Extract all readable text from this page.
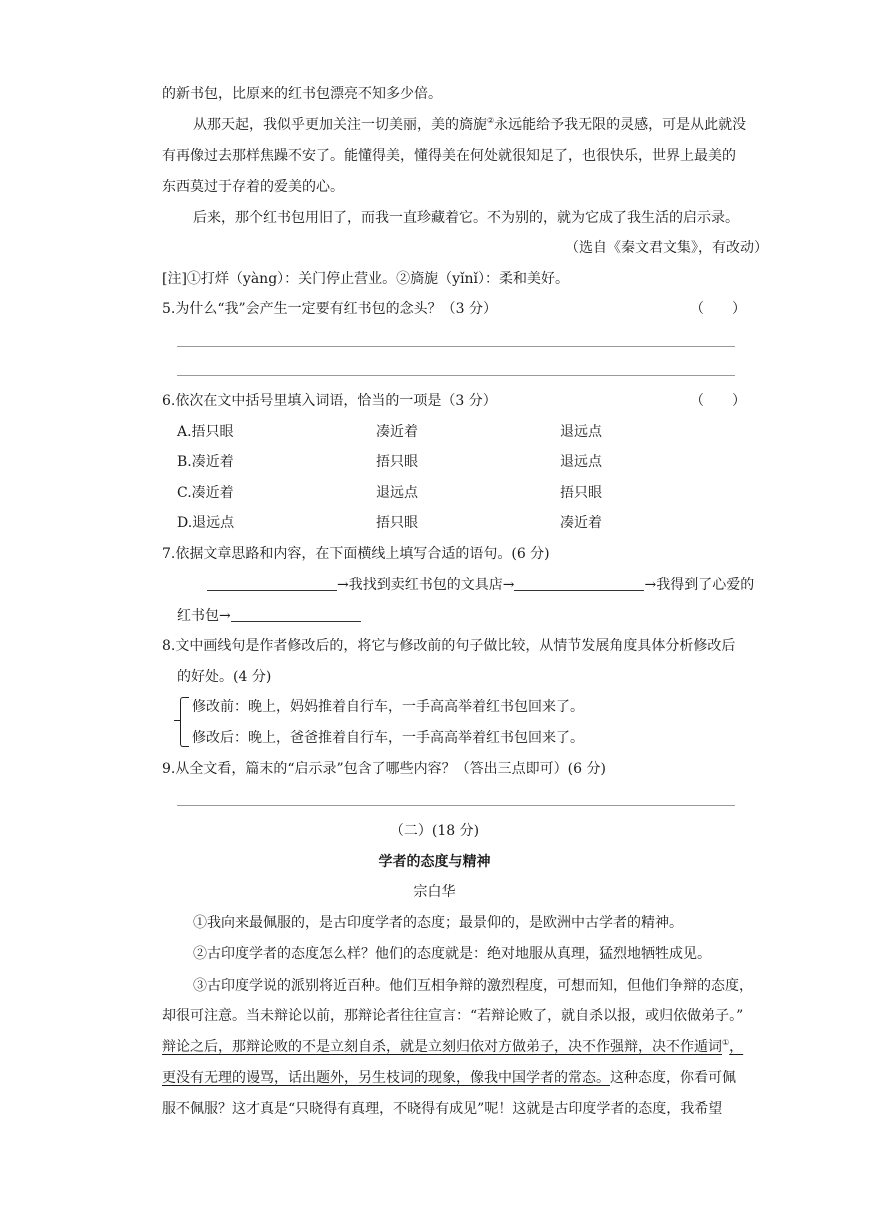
的新书包，比原来的红书包漂亮不知多少倍。
从那天起，我似乎更加关注一切美丽，美的旖旎②永远能给予我无限的灵感，可是从此就没
有再像过去那样焦躁不安了。能懂得美，懂得美在何处就很知足了，也很快乐，世界上最美的
东西莫过于存着的爱美的心。
后来，那个红书包用旧了，而我一直珍藏着它。不为别的，就为它成了我生活的启示录。
（选自《秦文君文集》，有改动）
[注]①打烊（yàng）：关门停止营业。②旖旎（yǐnǐ）：柔和美好。
5.为什么“我”会产生一定要有红书包的念头？（3 分）	（　　）
6.依次在文中括号里填入词语，恰当的一项是（3 分）	（　　）
A.捂只眼	凑近着	退远点
B.凑近着	捂只眼	退远点
C.凑近着	退远点	捂只眼
D.退远点	捂只眼	凑近着
7.依据文章思路和内容，在下面横线上填写合适的语句。(6 分)
→我找到卖红书包的文具店→	→我得到了心爱的
红书包→
8.文中画线句是作者修改后的，将它与修改前的句子做比较，从情节发展角度具体分析修改后
的好处。(4 分)
修改前：晚上，妈妈推着自行车，一手高高举着红书包回来了。
修改后：晚上，爸爸推着自行车，一手高高举着红书包回来了。
9.从全文看，篇末的“启示录”包含了哪些内容？（答出三点即可）(6 分)
（二）(18 分)
学者的态度与精神
宗白华
①我向来最佩服的，是古印度学者的态度；最景仰的，是欧洲中古学者的精神。
②古印度学者的态度怎么样？他们的态度就是：绝对地服从真理，猛烈地牺牲成见。
③古印度学说的派别将近百种。他们互相争辩的激烈程度，可想而知，但他们争辩的态度，
却很可注意。当未辩论以前，那辩论者往往宣言：“若辩论败了，就自杀以报，或归依做弟子。”
辩论之后，那辩论败的不是立刻自杀，就是立刻归依对方做弟子，决不作强辩，决不作遁词①，
更没有无理的谩骂，话出题外，另生枝词的现象，像我中国学者的常态。这种态度，你看可佩
服不佩服？这才真是“只晓得有真理，不晓得有成见”呢！这就是古印度学者的态度，我希望
